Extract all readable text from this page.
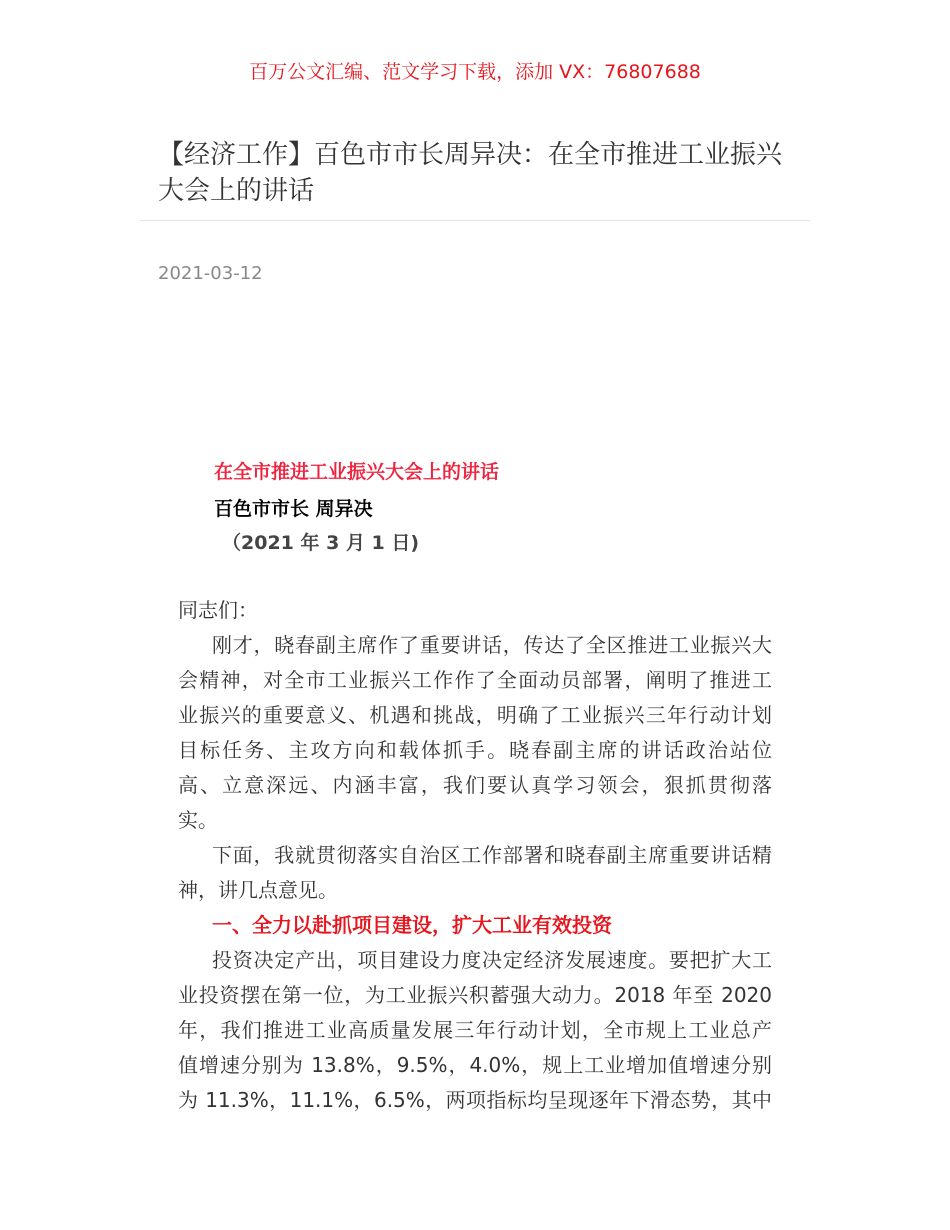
百万公文汇编、范文学习下载，添加 VX：76807688
【经济工作】百色市市长周异决：在全市推进工业振兴大会上的讲话
2021-03-12
在全市推进工业振兴大会上的讲话
百色市市长 周异决
（2021 年 3 月 1 日)
同志们：
刚才，晓春副主席作了重要讲话，传达了全区推进工业振兴大
会精神，对全市工业振兴工作作了全面动员部署，阐明了推进工
业振兴的重要意义、机遇和挑战，明确了工业振兴三年行动计划
目标任务、主攻方向和载体抓手。晓春副主席的讲话政治站位
高、立意深远、内涵丰富，我们要认真学习领会，狠抓贯彻落
实。
下面，我就贯彻落实自治区工作部署和晓春副主席重要讲话精
神，讲几点意见。
一、全力以赴抓项目建设，扩大工业有效投资
投资决定产出，项目建设力度决定经济发展速度。要把扩大工
业投资摆在第一位，为工业振兴积蓄强大动力。2018 年至 2020
年，我们推进工业高质量发展三年行动计划，全市规上工业总产
值增速分别为 13.8%，9.5%，4.0%，规上工业增加值增速分别
为 11.3%，11.1%，6.5%，两项指标均呈现逐年下滑态势，其中
